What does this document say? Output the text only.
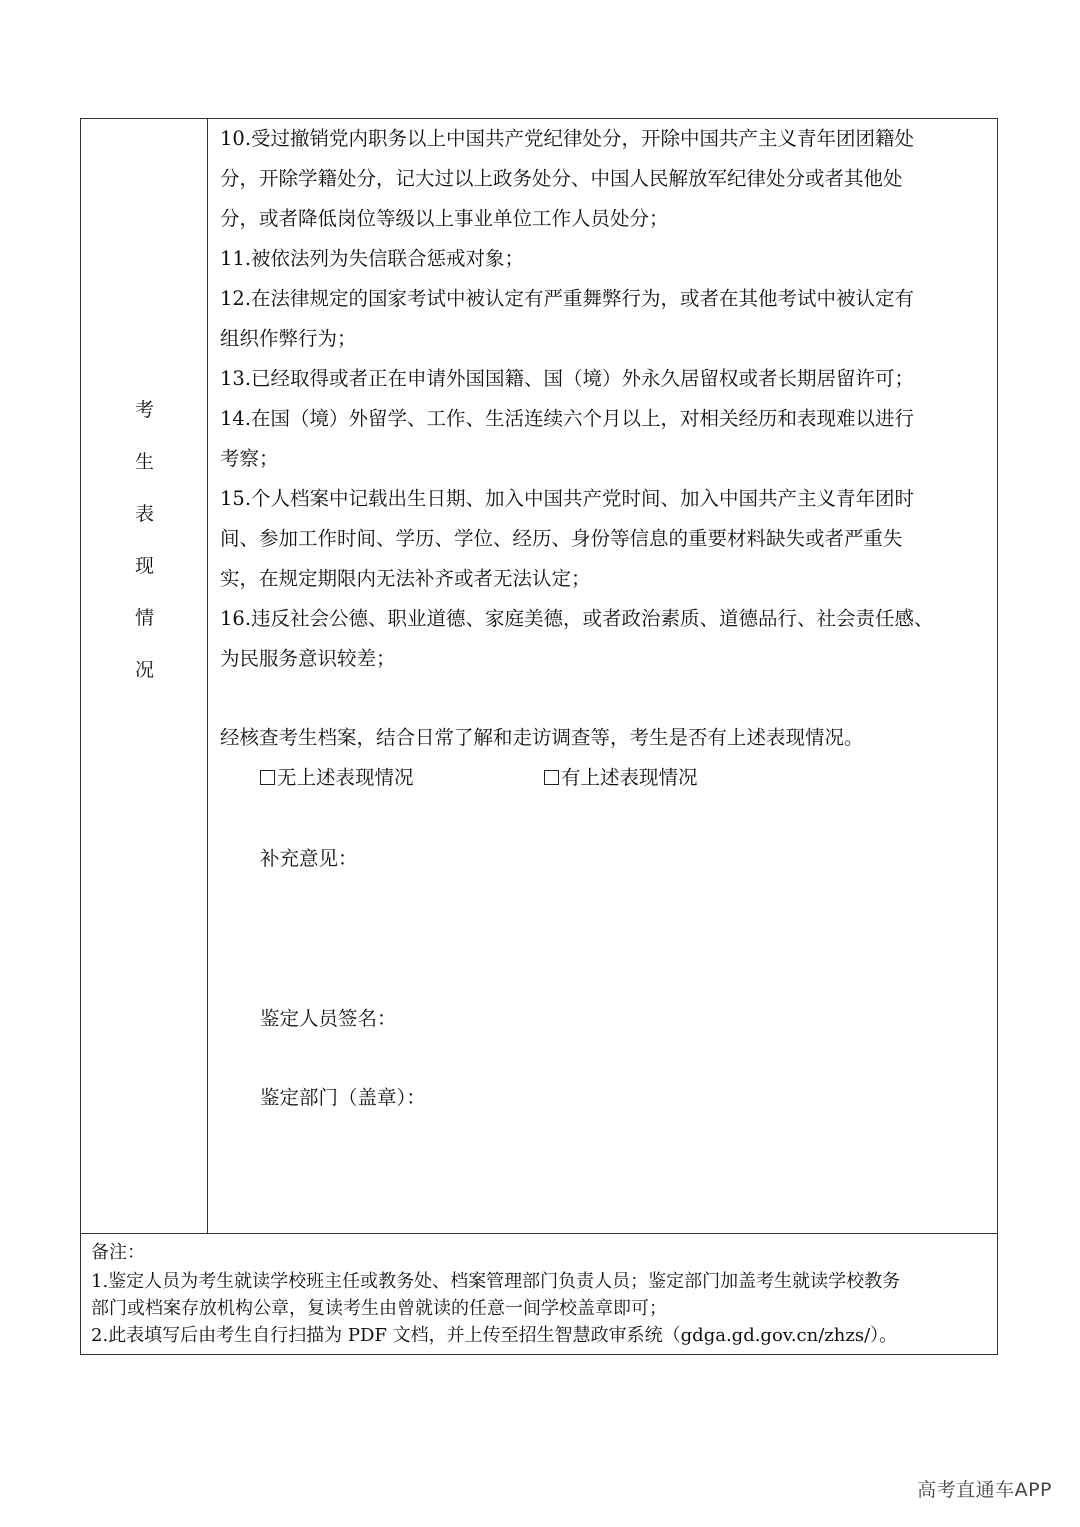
考
生
表
现
情
况
10.受过撤销党内职务以上中国共产党纪律处分，开除中国共产主义青年团团籍处
分，开除学籍处分，记大过以上政务处分、中国人民解放军纪律处分或者其他处
分，或者降低岗位等级以上事业单位工作人员处分；
11.被依法列为失信联合惩戒对象；
12.在法律规定的国家考试中被认定有严重舞弊行为，或者在其他考试中被认定有
组织作弊行为；
13.已经取得或者正在申请外国国籍、国（境）外永久居留权或者长期居留许可；
14.在国（境）外留学、工作、生活连续六个月以上，对相关经历和表现难以进行
考察；
15.个人档案中记载出生日期、加入中国共产党时间、加入中国共产主义青年团时
间、参加工作时间、学历、学位、经历、身份等信息的重要材料缺失或者严重失
实，在规定期限内无法补齐或者无法认定；
16.违反社会公德、职业道德、家庭美德，或者政治素质、道德品行、社会责任感、
为民服务意识较差；
经核查考生档案，结合日常了解和走访调查等，考生是否有上述表现情况。
无上述表现情况	有上述表现情况
补充意见：
鉴定人员签名：
鉴定部门（盖章）：
备注：
1.鉴定人员为考生就读学校班主任或教务处、档案管理部门负责人员；鉴定部门加盖考生就读学校教务
部门或档案存放机构公章，复读考生由曾就读的任意一间学校盖章即可；
2.此表填写后由考生自行扫描为 PDF 文档，并上传至招生智慧政审系统（gdga.gd.gov.cn/zhzs/）。
高考直通车APP
